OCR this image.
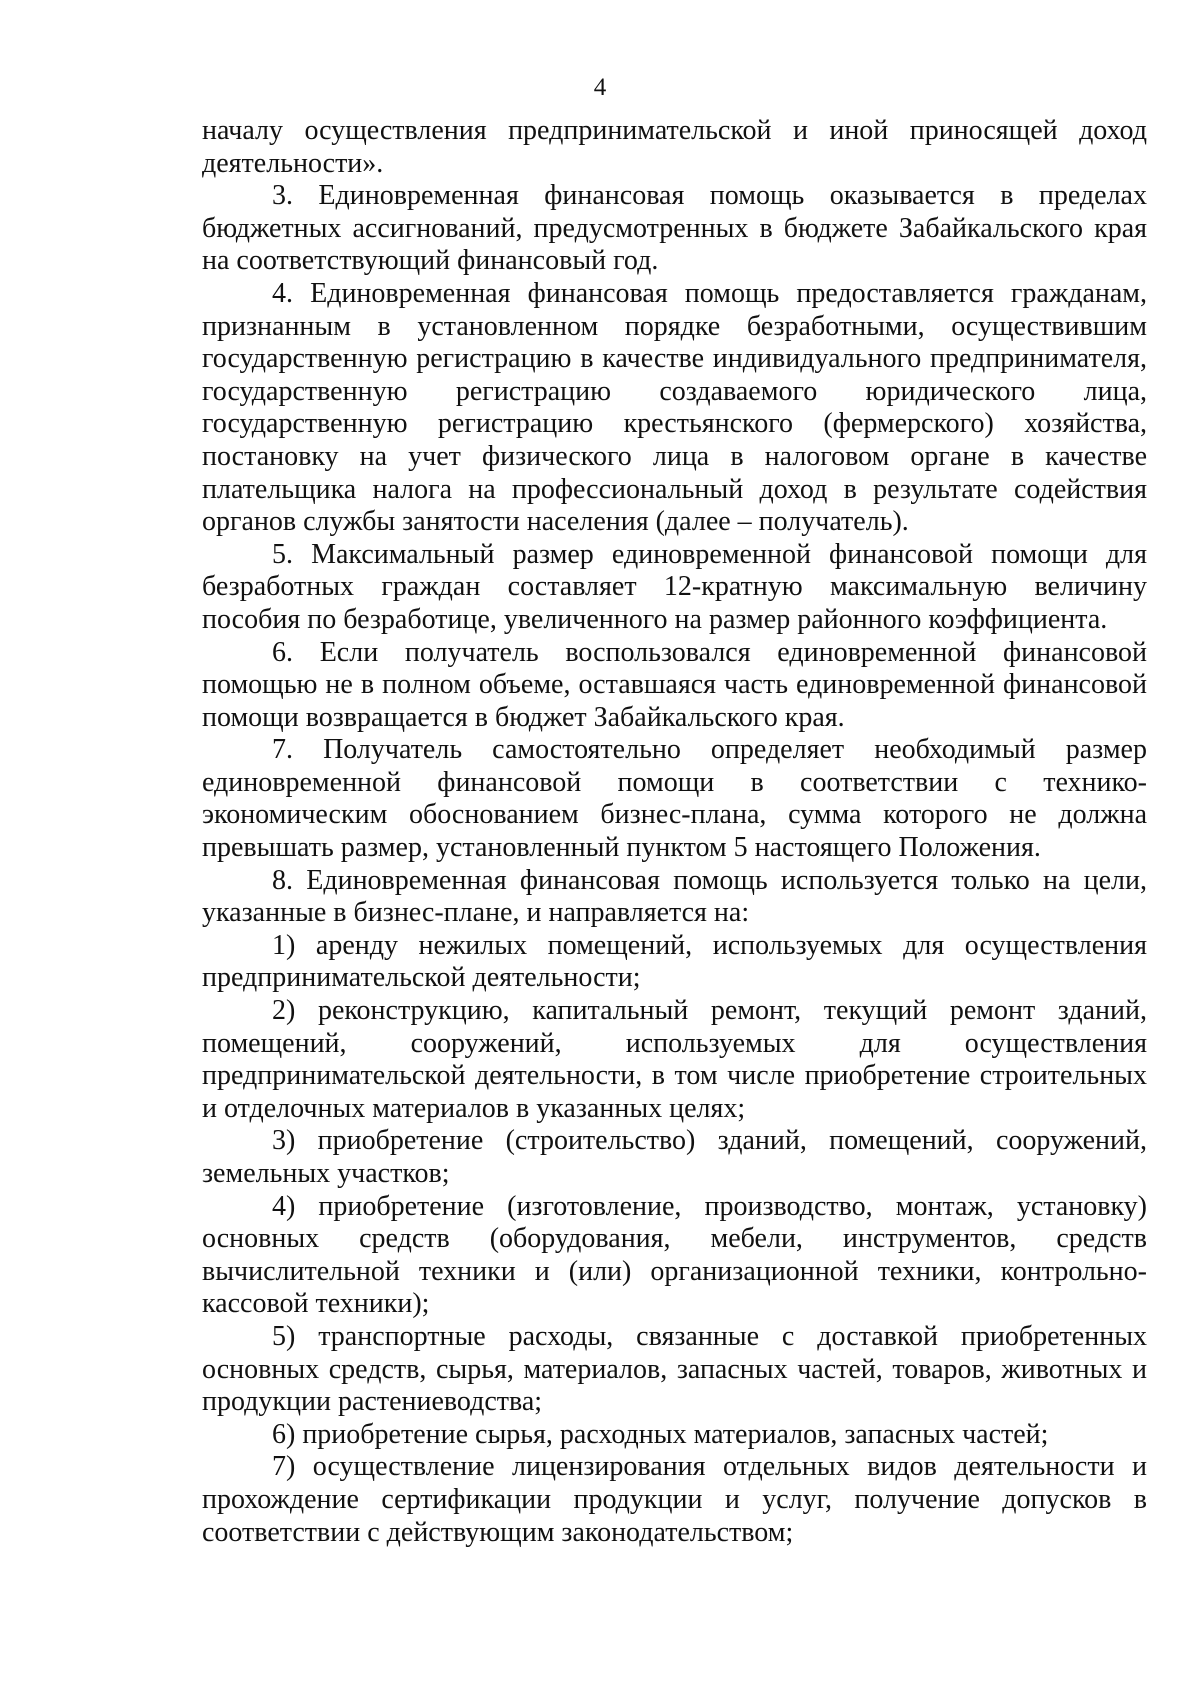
4

началу осуществления предпринимательской и иной приносящей доход деятельности».

3. Единовременная финансовая помощь оказывается в пределах бюджетных ассигнований, предусмотренных в бюджете Забайкальского края на соответствующий финансовый год.

4. Единовременная финансовая помощь предоставляется гражданам, признанным в установленном порядке безработными, осуществившим государственную регистрацию в качестве индивидуального предпринимателя, государственную регистрацию создаваемого юридического лица, государственную регистрацию крестьянского (фермерского) хозяйства, постановку на учет физического лица в налоговом органе в качестве плательщика налога на профессиональный доход в результате содействия органов службы занятости населения (далее – получатель).

5. Максимальный размер единовременной финансовой помощи для безработных граждан составляет 12-кратную максимальную величину пособия по безработице, увеличенного на размер районного коэффициента.

6. Если получатель воспользовался единовременной финансовой помощью не в полном объеме, оставшаяся часть единовременной финансовой помощи возвращается в бюджет Забайкальского края.

7. Получатель самостоятельно определяет необходимый размер единовременной финансовой помощи в соответствии с технико-экономическим обоснованием бизнес-плана, сумма которого не должна превышать размер, установленный пунктом 5 настоящего Положения.

8. Единовременная финансовая помощь используется только на цели, указанные в бизнес-плане, и направляется на:

1) аренду нежилых помещений, используемых для осуществления предпринимательской деятельности;

2) реконструкцию, капитальный ремонт, текущий ремонт зданий, помещений, сооружений, используемых для осуществления предпринимательской деятельности, в том числе приобретение строительных и отделочных материалов в указанных целях;

3) приобретение (строительство) зданий, помещений, сооружений, земельных участков;

4) приобретение (изготовление, производство, монтаж, установку) основных средств (оборудования, мебели, инструментов, средств вычислительной техники и (или) организационной техники, контрольно-кассовой техники);

5) транспортные расходы, связанные с доставкой приобретенных основных средств, сырья, материалов, запасных частей, товаров, животных и продукции растениеводства;

6) приобретение сырья, расходных материалов, запасных частей;

7) осуществление лицензирования отдельных видов деятельности и прохождение сертификации продукции и услуг, получение допусков в соответствии с действующим законодательством;
